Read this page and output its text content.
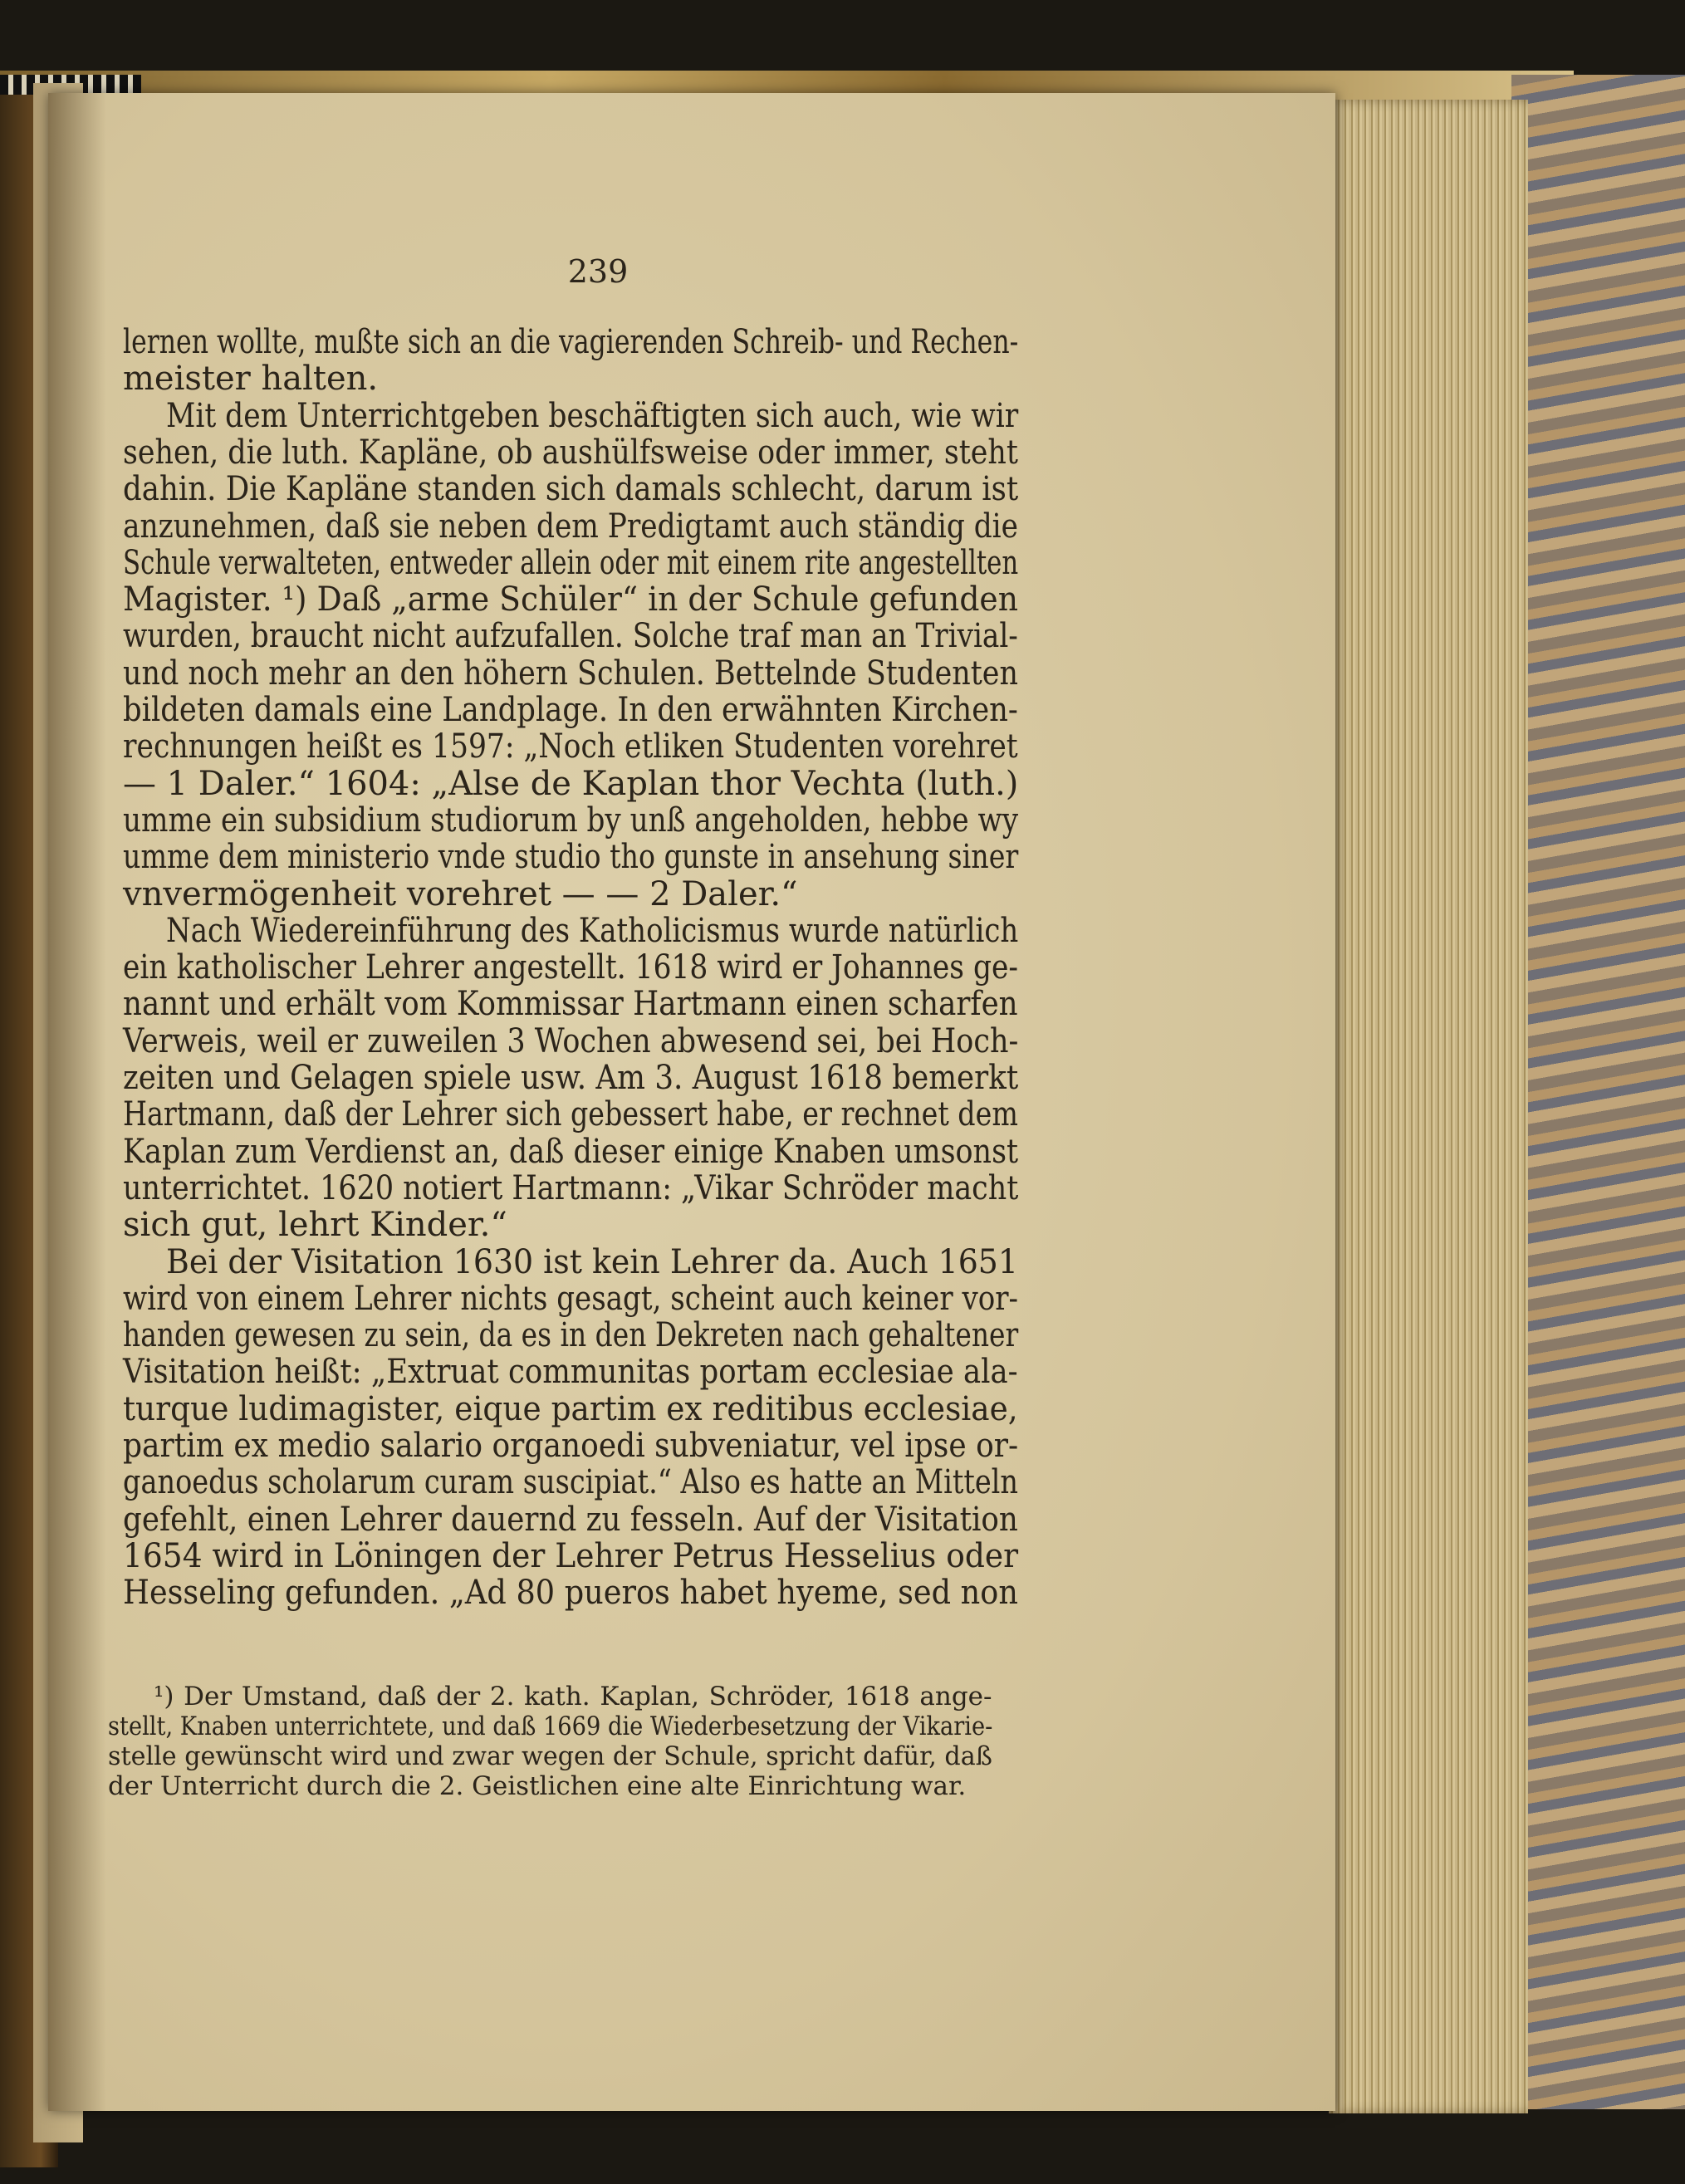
239
lernen wollte, mußte sich an die vagierenden Schreib- und Rechen-
meister halten.
Mit dem Unterrichtgeben beschäftigten sich auch, wie wir
sehen, die luth. Kapläne, ob aushülfsweise oder immer, steht
dahin. Die Kapläne standen sich damals schlecht, darum ist
anzunehmen, daß sie neben dem Predigtamt auch ständig die
Schule verwalteten, entweder allein oder mit einem rite angestellten
Magister. ¹) Daß „arme Schüler“ in der Schule gefunden
wurden, braucht nicht aufzufallen. Solche traf man an Trivial-
und noch mehr an den höhern Schulen. Bettelnde Studenten
bildeten damals eine Landplage. In den erwähnten Kirchen-
rechnungen heißt es 1597: „Noch etliken Studenten vorehret
— 1 Daler.“ 1604: „Alse de Kaplan thor Vechta (luth.)
umme ein subsidium studiorum by unß angeholden, hebbe wy
umme dem ministerio vnde studio tho gunste in ansehung siner
vnvermögenheit vorehret — — 2 Daler.“
Nach Wiedereinführung des Katholicismus wurde natürlich
ein katholischer Lehrer angestellt. 1618 wird er Johannes ge-
nannt und erhält vom Kommissar Hartmann einen scharfen
Verweis, weil er zuweilen 3 Wochen abwesend sei, bei Hoch-
zeiten und Gelagen spiele usw. Am 3. August 1618 bemerkt
Hartmann, daß der Lehrer sich gebessert habe, er rechnet dem
Kaplan zum Verdienst an, daß dieser einige Knaben umsonst
unterrichtet. 1620 notiert Hartmann: „Vikar Schröder macht
sich gut, lehrt Kinder.“
Bei der Visitation 1630 ist kein Lehrer da. Auch 1651
wird von einem Lehrer nichts gesagt, scheint auch keiner vor-
handen gewesen zu sein, da es in den Dekreten nach gehaltener
Visitation heißt: „Extruat communitas portam ecclesiae ala-
turque ludimagister, eique partim ex reditibus ecclesiae,
partim ex medio salario organoedi subveniatur, vel ipse or-
ganoedus scholarum curam suscipiat.“ Also es hatte an Mitteln
gefehlt, einen Lehrer dauernd zu fesseln. Auf der Visitation
1654 wird in Löningen der Lehrer Petrus Hesselius oder
Hesseling gefunden. „Ad 80 pueros habet hyeme, sed non
¹) Der Umstand, daß der 2. kath. Kaplan, Schröder, 1618 ange-
stellt, Knaben unterrichtete, und daß 1669 die Wiederbesetzung der Vikarie-
stelle gewünscht wird und zwar wegen der Schule, spricht dafür, daß
der Unterricht durch die 2. Geistlichen eine alte Einrichtung war.
